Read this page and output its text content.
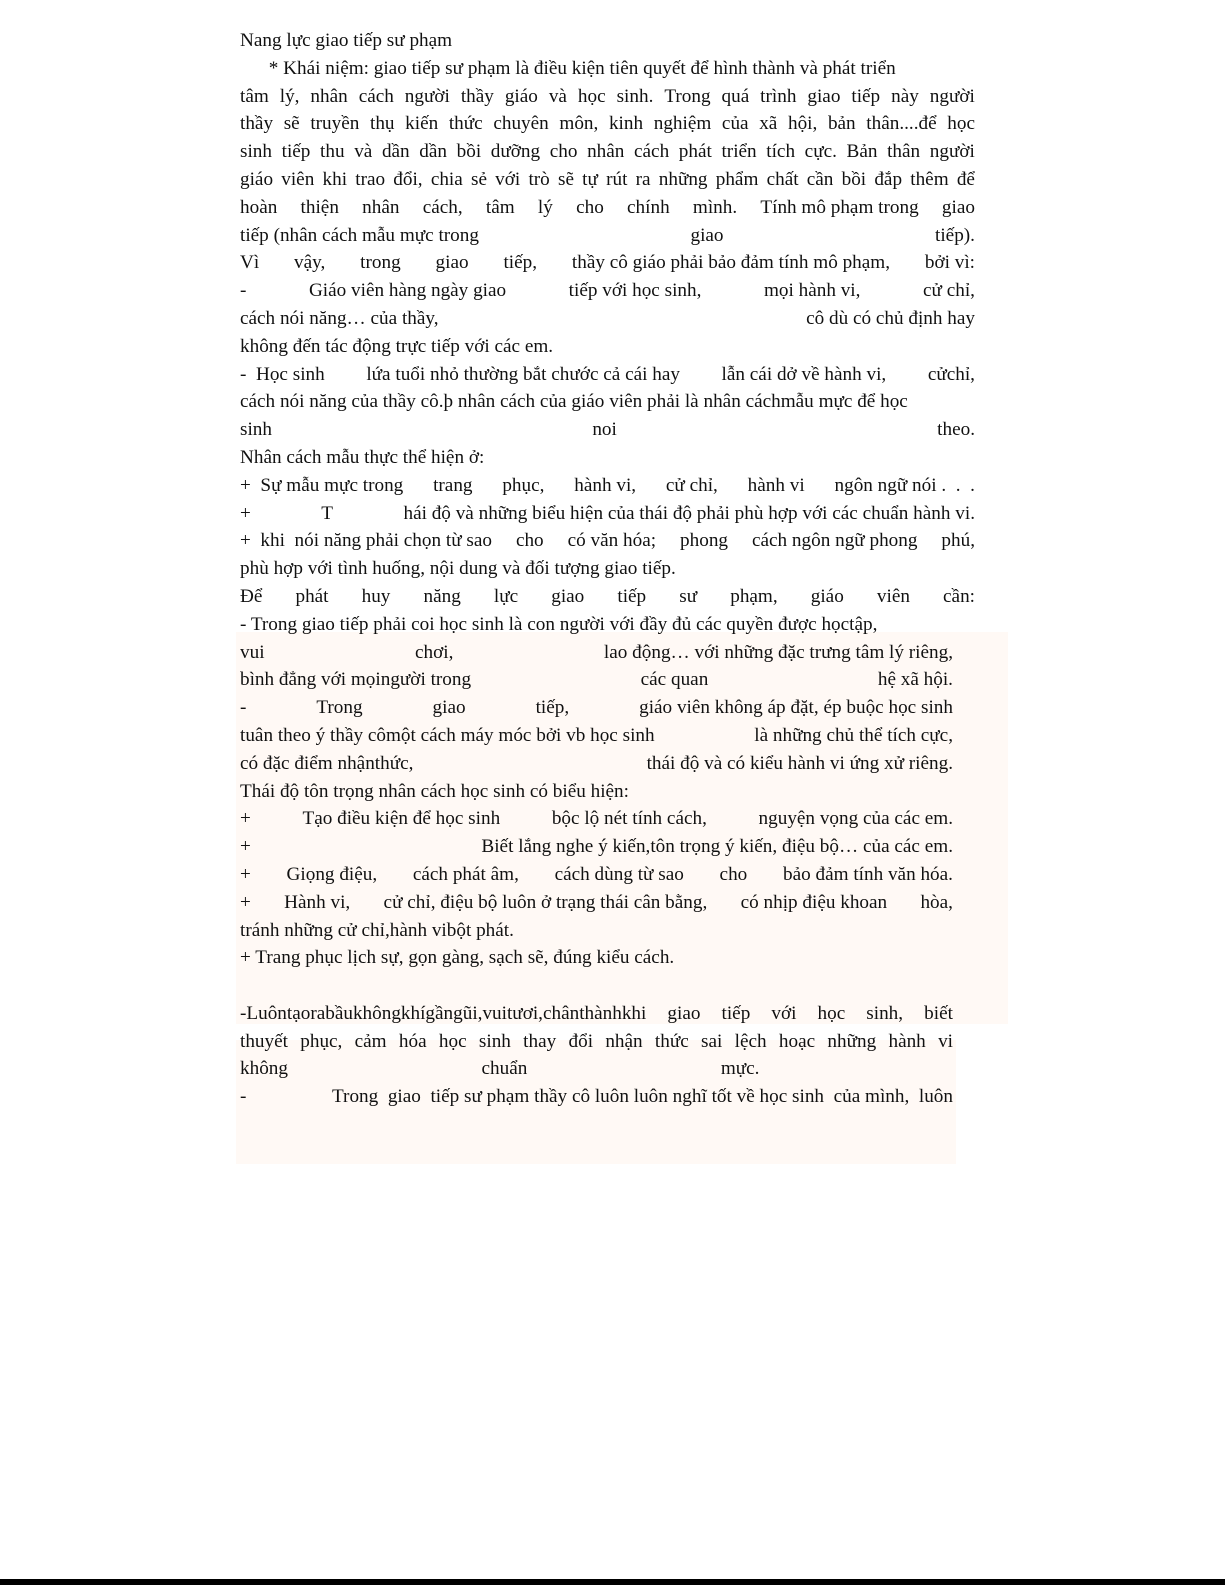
Nang lực giao tiếp sư phạm
* Khái niệm: giao tiếp sư phạm là điều kiện tiên quyết để hình thành và phát triển
tâm lý, nhân cách người thầy giáo và học sinh. Trong quá trình giao tiếp này người
thầy sẽ truyền thụ kiến thức chuyên môn, kinh nghiệm của xã hội, bản thân....để học
sinh tiếp thu và dần dần bồi dưỡng cho nhân cách phát triển tích cực. Bản thân người
giáo viên khi trao đổi, chia sẻ với trò sẽ tự rút ra những phẩm chất cần bồi đắp thêm để
hoàn thiện nhân cách, tâm lý cho chính mình. Tính mô phạm trong giao
tiếp (nhân cách mẫu mực trong	giao	tiếp).
Vì vậy, trong giao tiếp, thầy cô giáo phải bảo đảm tính mô phạm, bởi vì:
-	Giáo viên hàng ngày giao	tiếp với học sinh,	mọi hành vi,	cử chỉ,
cách nói năng… của thầy,	cô dù có chủ định hay
không đến tác động trực tiếp với các em.
-  Học sinh lứa tuổi nhỏ thường bắt chước cả cái hay lẫn cái dở về hành vi, cửchỉ,
cách nói năng của thầy cô.þ nhân cách của giáo viên phải là nhân cáchmẫu mực để học
sinh	noi	theo.
Nhân cách mẫu thực thể hiện ở:
+  Sự mẫu mực trong trang phục, hành vi, cử chỉ, hành vi ngôn ngữ nói .  .  .
+	T	hái độ và những biểu hiện của thái độ phải phù hợp với các chuẩn hành vi.
+  khi  nói năng phải chọn từ sao cho có văn hóa; phong cách ngôn ngữ phong phú,
phù hợp với tình huống, nội dung và đối tượng giao tiếp.
Để phát huy năng lực giao tiếp sư phạm, giáo viên cần:
- Trong giao tiếp phải coi học sinh là con người với đầy đủ các quyền được họctập,
vui	chơi,	lao động… với những đặc trưng tâm lý riêng,
bình đẳng với mọingười trong	các quan	hệ xã hội.
-	Trong	giao	tiếp,	giáo viên không áp đặt, ép buộc học sinh
tuân theo ý thầy cômột cách máy móc bởi vb học sinh	là những chủ thể tích cực,
có đặc điểm nhậnthức,	thái độ và có kiểu hành vi ứng xử riêng.
Thái độ tôn trọng nhân cách học sinh có biểu hiện:
+	Tạo điều kiện để học sinh	bộc lộ nét tính cách,	nguyện vọng của các em.
+	Biết lắng nghe ý kiến,tôn trọng ý kiến, điệu bộ… của các em.
+ Giọng điệu, cách phát âm, cách dùng từ sao cho bảo đảm tính văn hóa.
+ Hành vi, cử chỉ, điệu bộ luôn ở trạng thái cân bằng, có nhịp điệu khoan hòa,
tránh những cử chỉ,hành vibột phát.
+ Trang phục lịch sự, gọn gàng, sạch sẽ, đúng kiểu cách.
-Luôntạorabầukhôngkhígầngũi,vuitươi,chânthànhkhi giao tiếp với học sinh, biết
thuyết phục, cảm hóa học sinh thay đổi nhận thức sai lệch hoạc những hành vi
không	chuẩn	mực.
-	Trong  giao  tiếp sư phạm thầy cô luôn luôn nghĩ tốt về học sinh  của mình,  luôn
